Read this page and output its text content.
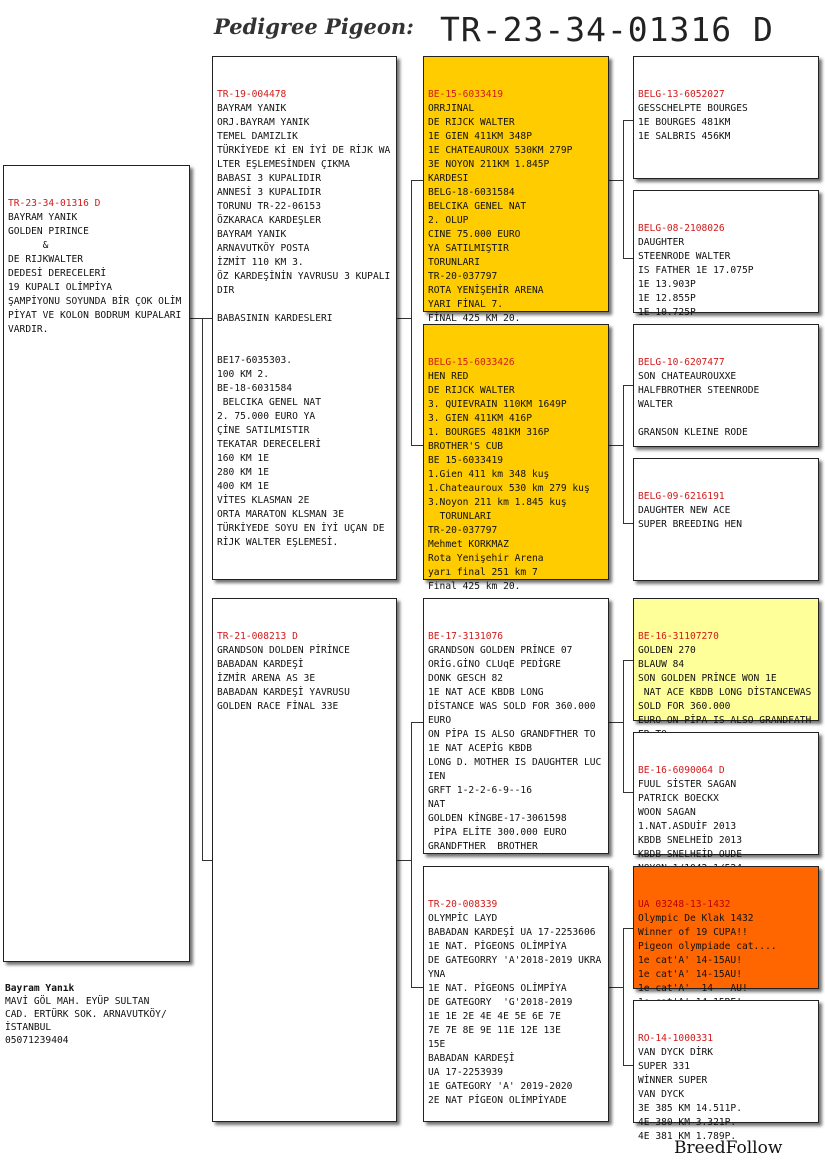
Pedigree Pigeon: TR-23-34-01316 D

TR-23-34-01316 D
BAYRAM YANIK
GOLDEN PIRINCE
&
DE RIJKWALTER
DEDESİ DERECELERİ
19 KUPALI OLİMPİYA
ŞAMPİYONU SOYUNDA BİR ÇOK OLİMPİYAT VE KOLON BODRUM KUPALARI VARDIR.

TR-19-004478
BAYRAM YANIK
ORJ.BAYRAM YANIK
TEMEL DAMIZLIK
TÜRKİYEDE Kİ EN İYİ DE RİJK WALTER EŞLEMESİNDEN ÇIKMA
BABASI 3 KUPALIDIR
ANNESİ 3 KUPALIDIR
TORUNU TR-22-06153
ÖZKARACA KARDEŞLER
BAYRAM YANIK
ARNAVUTKÖY POSTA
İZMİT 110 KM 3.
ÖZ KARDEŞİNİN YAVRUSU 3 KUPALIDIR

BABASININ KARDESLERI

BE17-6035303.
100 KM 2.
BE-18-6031584
BELCIKA GENEL NAT
2. 75.000 EURO YA
ÇİNE SATILMISTIR
TEKATAR DERECELERİ
160 KM 1E
280 KM 1E
400 KM 1E
VİTES KLASMAN 2E
ORTA MARATON KLSMAN 3E
TÜRKİYEDE SOYU EN İYİ UÇAN DE RİJK WALTER EŞLEMESİ.

TR-21-008213 D
GRANDSON DOLDEN PİRİNCE
BABADAN KARDEŞİ
İZMİR ARENA AS 3E
BABADAN KARDEŞİ YAVRUSU
GOLDEN RACE FİNAL 33E

BE-15-6033419
ORRJINAL
DE RIJCK WALTER
1E GIEN 411KM 348P
1E CHATEAUROUX 530KM 279P
3E NOYON 211KM 1.845P
KARDESI
BELG-18-6031584
BELCIKA GENEL NAT
2. OLUP
CINE 75.000 EURO
YA SATILMIŞTIR
TORUNLARI
TR-20-037797
ROTA YENİŞEHİR ARENA
YARI FİNAL 7.
FİNAL 425 KM 20.

BELG-15-6033426
HEN RED
DE RIJCK WALTER
3. QUIEVRAIN 110KM 1649P
3. GIEN 411KM 416P
1. BOURGES 481KM 316P
BROTHER'S CUB
BE 15-6033419
1.Gien 411 km 348 kuş
1.Chateauroux 530 km 279 kuş
3.Noyon 211 km 1.845 kuş
TORUNLARI
TR-20-037797
Mehmet KORKMAZ
Rota Yenişehir Arena
yarı final 251 km 7
Final 425 km 20.

BE-17-3131076
GRANDSON GOLDEN PRİNCE 07
ORİG.GİNO CLUqE PEDİGRE
DONK GESCH 82
1E NAT ACE KBDB LONG
DİSTANCE WAS SOLD FOR 360.000 EURO
ON PİPA IS ALSO GRANDFTHER TO
1E NAT ACEPİG KBDB
LONG D. MOTHER IS DAUGHTER LUCIEN
GRFT 1-2-2-6-9--16
NAT
GOLDEN KİNGBE-17-3061598
PİPA ELİTE 300.000 EURO
GRANDFTHER  BROTHER

TR-20-008339
OLYMPİC LAYD
BABADAN KARDEŞİ UA 17-2253606
1E NAT. PİGEONS OLİMPİYA
DE GATEGORRY 'A'2018-2019 UKRAYNA
1E NAT. PİGEONS OLİMPİYA
DE GATEGORY  'G'2018-2019
1E 1E 2E 4E 4E 5E 6E 7E
7E 7E 8E 9E 11E 12E 13E
15E
BABADAN KARDEŞİ
UA 17-2253939
1E GATEGORY 'A' 2019-2020
2E NAT PİGEON OLİMPİYADE

BELG-13-6052027
GESSCHELPTE BOURGES
1E BOURGES 481KM
1E SALBRIS 456KM

BELG-08-2108026
DAUGHTER
STEENRODE WALTER
IS FATHER 1E 17.075P
1E 13.903P
1E 12.855P
1E 10.725P

BELG-10-6207477
SON CHATEAUROUXXE
HALFBROTHER STEENRODE
WALTER

GRANSON KLEINE RODE

BELG-09-6216191
DAUGHTER NEW ACE
SUPER BREEDING HEN

BE-16-31107270
GOLDEN 270
BLAUW 84
SON GOLDEN PRİNCE WON 1E
NAT ACE KBDB LONG DİSTANCEWAS SOLD FOR 360.000
EURO ON PİPA IS ALSO GRANDFATH

BE-16-6090064 D
FUUL SİSTER SAGAN
PATRICK BOECKX
WOON SAGAN
1.NAT.ASDUİF 2013
KBDB SNELHEİD 2013
KBDB SNELHEİD OUDE

UA 03248-13-1432
Olympic De Klak 1432
Winner of 19 CUPA!!
Pigeon olympiade cat....
1e cat'A' 14-15AU!
1e cat'A' 14-15AU!
1e cat'A'  14   AU!

RO-14-1000331
VAN DYCK DİRK
SUPER 331
WİNNER SUPER
VAN DYCK
3E 385 KM 14.511P.
4E 380 KM 3.321P.
4E 381 KM 1.789P.

Bayram Yanık
MAVİ GÖL MAH. EYÜP SULTAN
CAD. ERTÜRK SOK. ARNAVUTKÖY/
İSTANBUL
05071239404
BreedFollow
